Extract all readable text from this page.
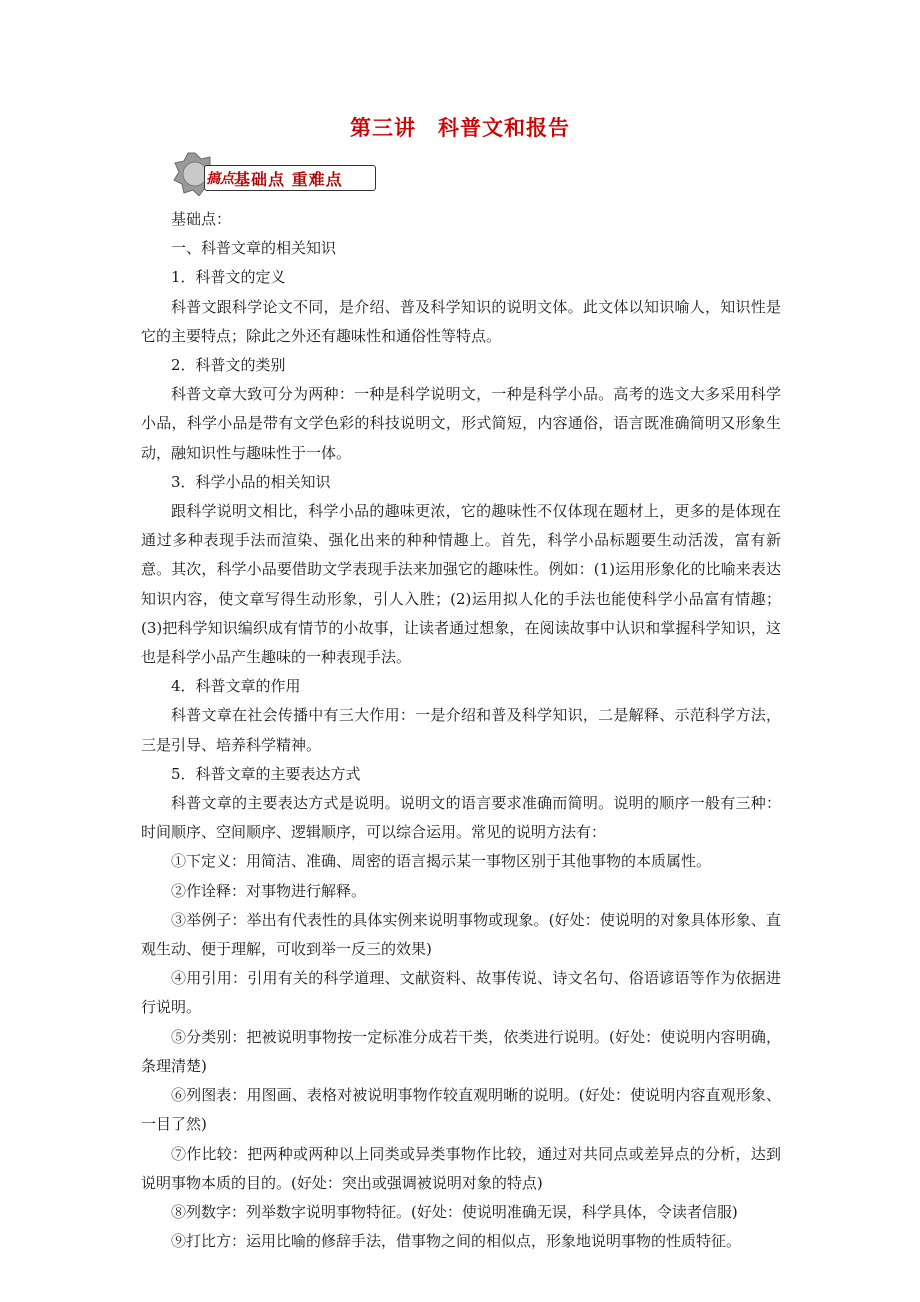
第三讲　科普文和报告
搞点 基础点 重难点

基础点：

一、科普文章的相关知识

1．科普文的定义

科普文跟科学论文不同，是介绍、普及科学知识的说明文体。此文体以知识喻人，知识性是它的主要特点；除此之外还有趣味性和通俗性等特点。

2．科普文的类别

科普文章大致可分为两种：一种是科学说明文，一种是科学小品。高考的选文大多采用科学小品，科学小品是带有文学色彩的科技说明文，形式简短，内容通俗，语言既准确简明又形象生动，融知识性与趣味性于一体。

3．科学小品的相关知识

跟科学说明文相比，科学小品的趣味更浓，它的趣味性不仅体现在题材上，更多的是体现在通过多种表现手法而渲染、强化出来的种种情趣上。首先，科学小品标题要生动活泼，富有新意。其次，科学小品要借助文学表现手法来加强它的趣味性。例如：(1)运用形象化的比喻来表达知识内容，使文章写得生动形象，引人入胜；(2)运用拟人化的手法也能使科学小品富有情趣；(3)把科学知识编织成有情节的小故事，让读者通过想象，在阅读故事中认识和掌握科学知识，这也是科学小品产生趣味的一种表现手法。

4．科普文章的作用

科普文章在社会传播中有三大作用：一是介绍和普及科学知识，二是解释、示范科学方法，三是引导、培养科学精神。

5．科普文章的主要表达方式

科普文章的主要表达方式是说明。说明文的语言要求准确而简明。说明的顺序一般有三种：时间顺序、空间顺序、逻辑顺序，可以综合运用。常见的说明方法有：

①下定义：用简洁、准确、周密的语言揭示某一事物区别于其他事物的本质属性。

②作诠释：对事物进行解释。

③举例子：举出有代表性的具体实例来说明事物或现象。(好处：使说明的对象具体形象、直观生动、便于理解，可收到举一反三的效果)

④用引用：引用有关的科学道理、文献资料、故事传说、诗文名句、俗语谚语等作为依据进行说明。

⑤分类别：把被说明事物按一定标准分成若干类，依类进行说明。(好处：使说明内容明确，条理清楚)

⑥列图表：用图画、表格对被说明事物作较直观明晰的说明。(好处：使说明内容直观形象、一目了然)

⑦作比较：把两种或两种以上同类或异类事物作比较，通过对共同点或差异点的分析，达到说明事物本质的目的。(好处：突出或强调被说明对象的特点)

⑧列数字：列举数字说明事物特征。(好处：使说明准确无误，科学具体，令读者信服)

⑨打比方：运用比喻的修辞手法，借事物之间的相似点，形象地说明事物的性质特征。
